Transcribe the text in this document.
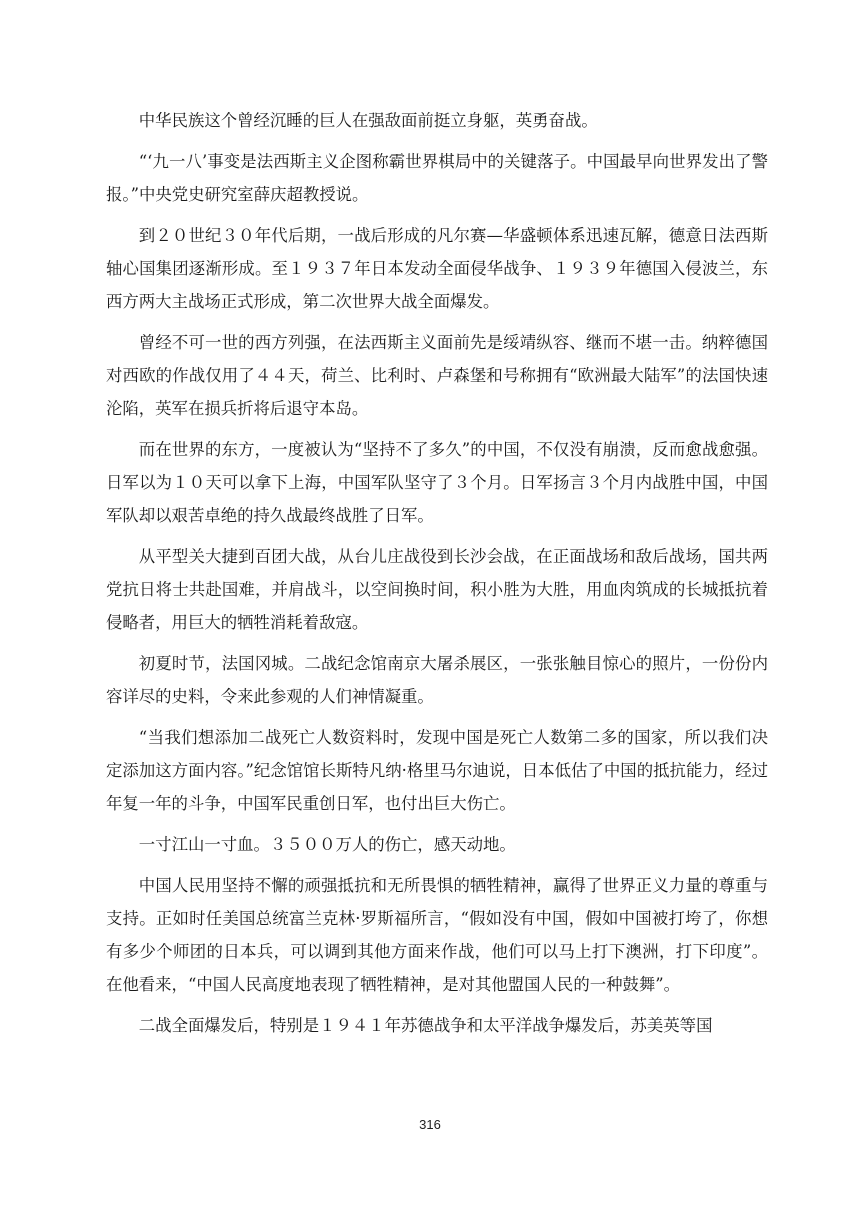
中华民族这个曾经沉睡的巨人在强敌面前挺立身躯，英勇奋战。

“‘九一八’事变是法西斯主义企图称霸世界棋局中的关键落子。中国最早向世界发出了警报。”中央党史研究室薛庆超教授说。

到２０世纪３０年代后期，一战后形成的凡尔赛—华盛顿体系迅速瓦解，德意日法西斯轴心国集团逐渐形成。至１９３７年日本发动全面侵华战争、１９３９年德国入侵波兰，东西方两大主战场正式形成，第二次世界大战全面爆发。

曾经不可一世的西方列强，在法西斯主义面前先是绥靖纵容、继而不堪一击。纳粹德国对西欧的作战仅用了４４天，荷兰、比利时、卢森堡和号称拥有“欧洲最大陆军”的法国快速沦陷，英军在损兵折将后退守本岛。

而在世界的东方，一度被认为“坚持不了多久”的中国，不仅没有崩溃，反而愈战愈强。日军以为１０天可以拿下上海，中国军队坚守了３个月。日军扬言３个月内战胜中国，中国军队却以艰苦卓绝的持久战最终战胜了日军。

从平型关大捷到百团大战，从台儿庄战役到长沙会战，在正面战场和敌后战场，国共两党抗日将士共赴国难，并肩战斗，以空间换时间，积小胜为大胜，用血肉筑成的长城抵抗着侵略者，用巨大的牺牲消耗着敌寇。

初夏时节，法国冈城。二战纪念馆南京大屠杀展区，一张张触目惊心的照片，一份份内容详尽的史料，令来此参观的人们神情凝重。

“当我们想添加二战死亡人数资料时，发现中国是死亡人数第二多的国家，所以我们决定添加这方面内容。”纪念馆馆长斯特凡纳·格里马尔迪说，日本低估了中国的抵抗能力，经过年复一年的斗争，中国军民重创日军，也付出巨大伤亡。

一寸江山一寸血。３５００万人的伤亡，感天动地。

中国人民用坚持不懈的顽强抵抗和无所畏惧的牺牲精神，赢得了世界正义力量的尊重与支持。正如时任美国总统富兰克林·罗斯福所言，“假如没有中国，假如中国被打垮了，你想有多少个师团的日本兵，可以调到其他方面来作战，他们可以马上打下澳洲，打下印度”。在他看来，“中国人民高度地表现了牺牲精神，是对其他盟国人民的一种鼓舞”。

二战全面爆发后，特别是１９４１年苏德战争和太平洋战争爆发后，苏美英等国

316
